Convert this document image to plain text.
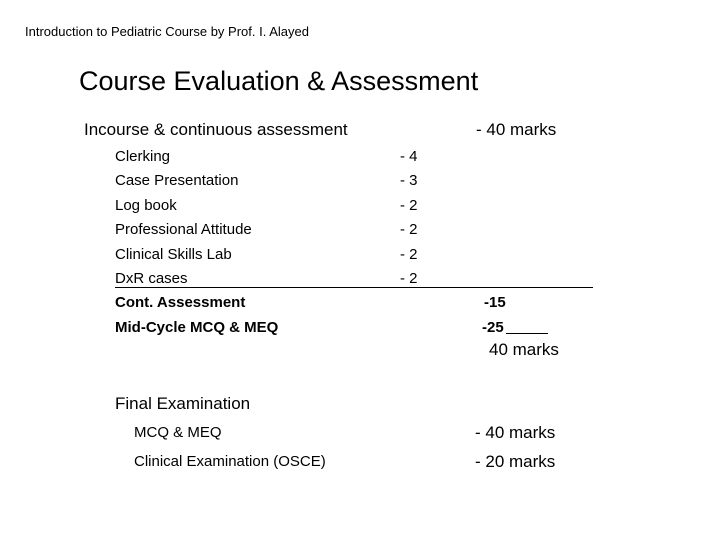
Introduction to Pediatric Course by Prof. I. Alayed
Course Evaluation & Assessment
Incourse & continuous assessment	- 40 marks
Clerking	- 4
Case Presentation	- 3
Log book	- 2
Professional Attitude	- 2
Clinical Skills Lab	- 2
DxR cases	- 2
Cont. Assessment	-15
Mid-Cycle MCQ & MEQ	-25
40 marks
Final Examination
MCQ & MEQ	- 40 marks
Clinical Examination (OSCE)	- 20 marks
